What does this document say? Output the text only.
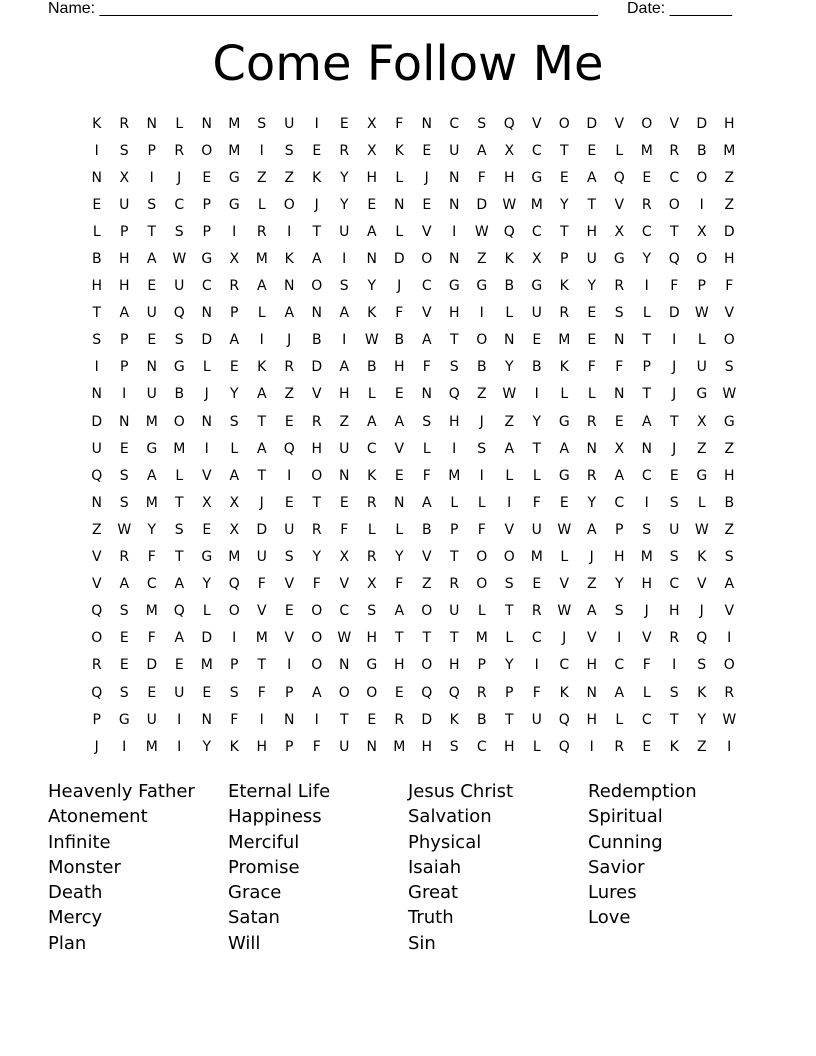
Name: ________________________________________________________ Date: _______
Come Follow Me
K	R	N	L	N	M	S	U	I	E	X	F	N	C	S	Q	V	O	D	V	O	V	D	H
I	S	P	R	O	M	I	S	E	R	X	K	E	U	A	X	C	T	E	L	M	R	B	M
N	X	I	J	E	G	Z	Z	K	Y	H	L	J	N	F	H	G	E	A	Q	E	C	O	Z
E	U	S	C	P	G	L	O	J	Y	E	N	E	N	D	W	M	Y	T	V	R	O	I	Z
L	P	T	S	P	I	R	I	T	U	A	L	V	I	W	Q	C	T	H	X	C	T	X	D
B	H	A	W	G	X	M	K	A	I	N	D	O	N	Z	K	X	P	U	G	Y	Q	O	H
H	H	E	U	C	R	A	N	O	S	Y	J	C	G	G	B	G	K	Y	R	I	F	P	F
T	A	U	Q	N	P	L	A	N	A	K	F	V	H	I	L	U	R	E	S	L	D	W	V
S	P	E	S	D	A	I	J	B	I	W	B	A	T	O	N	E	M	E	N	T	I	L	O
I	P	N	G	L	E	K	R	D	A	B	H	F	S	B	Y	B	K	F	F	P	J	U	S
N	I	U	B	J	Y	A	Z	V	H	L	E	N	Q	Z	W	I	L	L	N	T	J	G	W
D	N	M	O	N	S	T	E	R	Z	A	A	S	H	J	Z	Y	G	R	E	A	T	X	G
U	E	G	M	I	L	A	Q	H	U	C	V	L	I	S	A	T	A	N	X	N	J	Z	Z
Q	S	A	L	V	A	T	I	O	N	K	E	F	M	I	L	L	G	R	A	C	E	G	H
N	S	M	T	X	X	J	E	T	E	R	N	A	L	L	I	F	E	Y	C	I	S	L	B
Z	W	Y	S	E	X	D	U	R	F	L	L	B	P	F	V	U	W	A	P	S	U	W	Z
V	R	F	T	G	M	U	S	Y	X	R	Y	V	T	O	O	M	L	J	H	M	S	K	S
V	A	C	A	Y	Q	F	V	F	V	X	F	Z	R	O	S	E	V	Z	Y	H	C	V	A
Q	S	M	Q	L	O	V	E	O	C	S	A	O	U	L	T	R	W	A	S	J	H	J	V
O	E	F	A	D	I	M	V	O	W	H	T	T	T	M	L	C	J	V	I	V	R	Q	I
R	E	D	E	M	P	T	I	O	N	G	H	O	H	P	Y	I	C	H	C	F	I	S	O
Q	S	E	U	E	S	F	P	A	O	O	E	Q	Q	R	P	F	K	N	A	L	S	K	R
P	G	U	I	N	F	I	N	I	T	E	R	D	K	B	T	U	Q	H	L	C	T	Y	W
J	I	M	I	Y	K	H	P	F	U	N	M	H	S	C	H	L	Q	I	R	E	K	Z	I
Heavenly Father
Atonement
Infinite
Monster
Death
Mercy
Plan
Eternal Life
Happiness
Merciful
Promise
Grace
Satan
Will
Jesus Christ
Salvation
Physical
Isaiah
Great
Truth
Sin
Redemption
Spiritual
Cunning
Savior
Lures
Love
